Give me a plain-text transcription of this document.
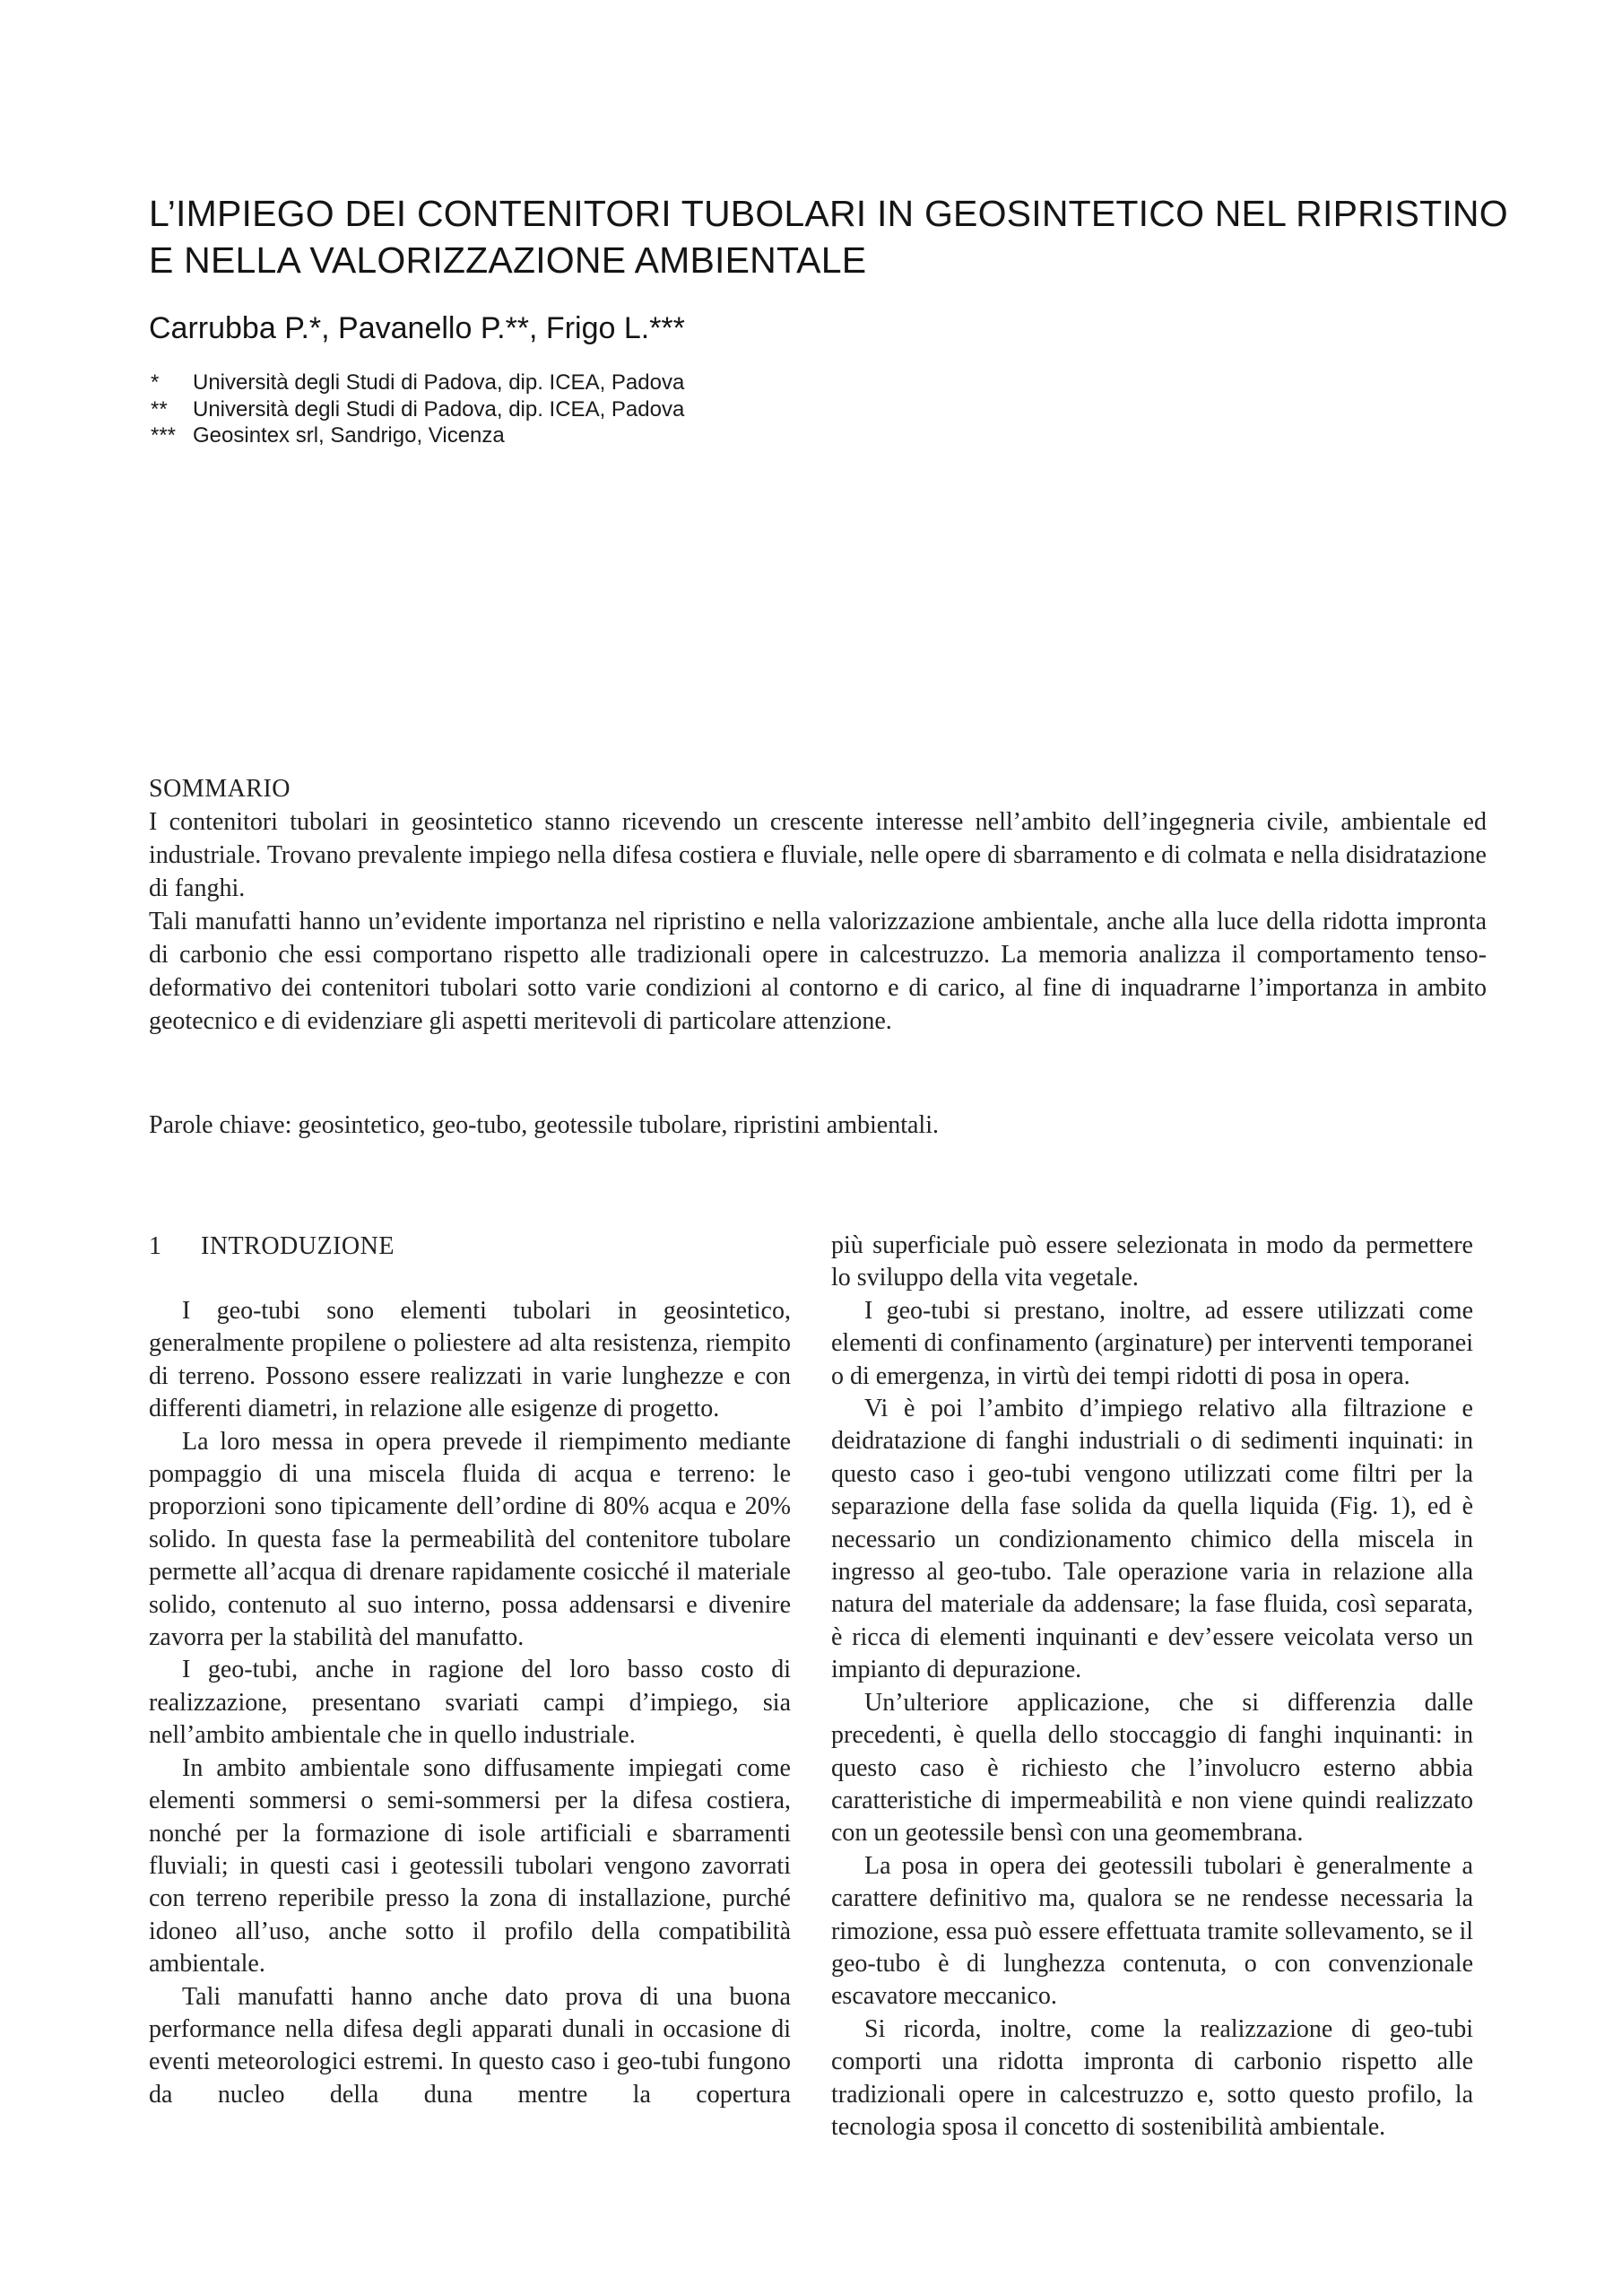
L’IMPIEGO DEI CONTENITORI TUBOLARI IN GEOSINTETICO NEL RIPRISTINO
E NELLA VALORIZZAZIONE AMBIENTALE

Carrubba P.*, Pavanello P.**, Frigo L.***

*	Università degli Studi di Padova, dip. ICEA, Padova
**	Università degli Studi di Padova, dip. ICEA, Padova
*** Geosintex srl, Sandrigo, Vicenza
SOMMARIO

I contenitori tubolari in geosintetico stanno ricevendo un crescente interesse nell’ambito dell’ingegneria civile, ambientale ed industriale. Trovano prevalente impiego nella difesa costiera e fluviale, nelle opere di sbarramento e di colmata e nella disidratazione di fanghi.

Tali manufatti hanno un’evidente importanza nel ripristino e nella valorizzazione ambientale, anche alla luce della ridotta impronta di carbonio che essi comportano rispetto alle tradizionali opere in calcestruzzo. La memoria analizza il comportamento tenso-deformativo dei contenitori tubolari sotto varie condizioni al contorno e di carico, al fine di inquadrarne l’importanza in ambito geotecnico e di evidenziare gli aspetti meritevoli di particolare attenzione.

Parole chiave: geosintetico, geo-tubo, geotessile tubolare, ripristini ambientali.

1	INTRODUZIONE

I geo-tubi sono elementi tubolari in geosintetico, generalmente propilene o poliestere ad alta resistenza, riempito di terreno. Possono essere realizzati in varie lunghezze e con differenti diametri, in relazione alle esigenze di progetto.

La loro messa in opera prevede il riempimento mediante pompaggio di una miscela fluida di acqua e terreno: le proporzioni sono tipicamente dell’ordine di 80% acqua e 20% solido. In questa fase la permeabilità del contenitore tubolare permette all’acqua di drenare rapidamente cosicché il materiale solido, contenuto al suo interno, possa addensarsi e divenire zavorra per la stabilità del manufatto.

I geo-tubi, anche in ragione del loro basso costo di realizzazione, presentano svariati campi d’impiego, sia nell’ambito ambientale che in quello industriale.

In ambito ambientale sono diffusamente impiegati come elementi sommersi o semi-sommersi per la difesa costiera, nonché per la formazione di isole artificiali e sbarramenti fluviali; in questi casi i geotessili tubolari vengono zavorrati con terreno reperibile presso la zona di installazione, purché idoneo all’uso, anche sotto il profilo della compatibilità ambientale.

Tali manufatti hanno anche dato prova di una buona performance nella difesa degli apparati dunali in occasione di eventi meteorologici estremi. In questo caso i geo-tubi fungono da nucleo della duna mentre la copertura

più superficiale può essere selezionata in modo da permettere lo sviluppo della vita vegetale.

I geo-tubi si prestano, inoltre, ad essere utilizzati come elementi di confinamento (arginature) per interventi temporanei o di emergenza, in virtù dei tempi ridotti di posa in opera.

Vi è poi l’ambito d’impiego relativo alla filtrazione e deidratazione di fanghi industriali o di sedimenti inquinati: in questo caso i geo-tubi vengono utilizzati come filtri per la separazione della fase solida da quella liquida (Fig. 1), ed è necessario un condizionamento chimico della miscela in ingresso al geo-tubo. Tale operazione varia in relazione alla natura del materiale da addensare; la fase fluida, così separata, è ricca di elementi inquinanti e dev’essere veicolata verso un impianto di depurazione.

Un’ulteriore applicazione, che si differenzia dalle precedenti, è quella dello stoccaggio di fanghi inquinanti: in questo caso è richiesto che l’involucro esterno abbia caratteristiche di impermeabilità e non viene quindi realizzato con un geotessile bensì con una geomembrana.

La posa in opera dei geotessili tubolari è generalmente a carattere definitivo ma, qualora se ne rendesse necessaria la rimozione, essa può essere effettuata tramite sollevamento, se il geo-tubo è di lunghezza contenuta, o con convenzionale escavatore meccanico.

Si ricorda, inoltre, come la realizzazione di geo-tubi comporti una ridotta impronta di carbonio rispetto alle tradizionali opere in calcestruzzo e, sotto questo profilo, la tecnologia sposa il concetto di sostenibilità ambientale.
